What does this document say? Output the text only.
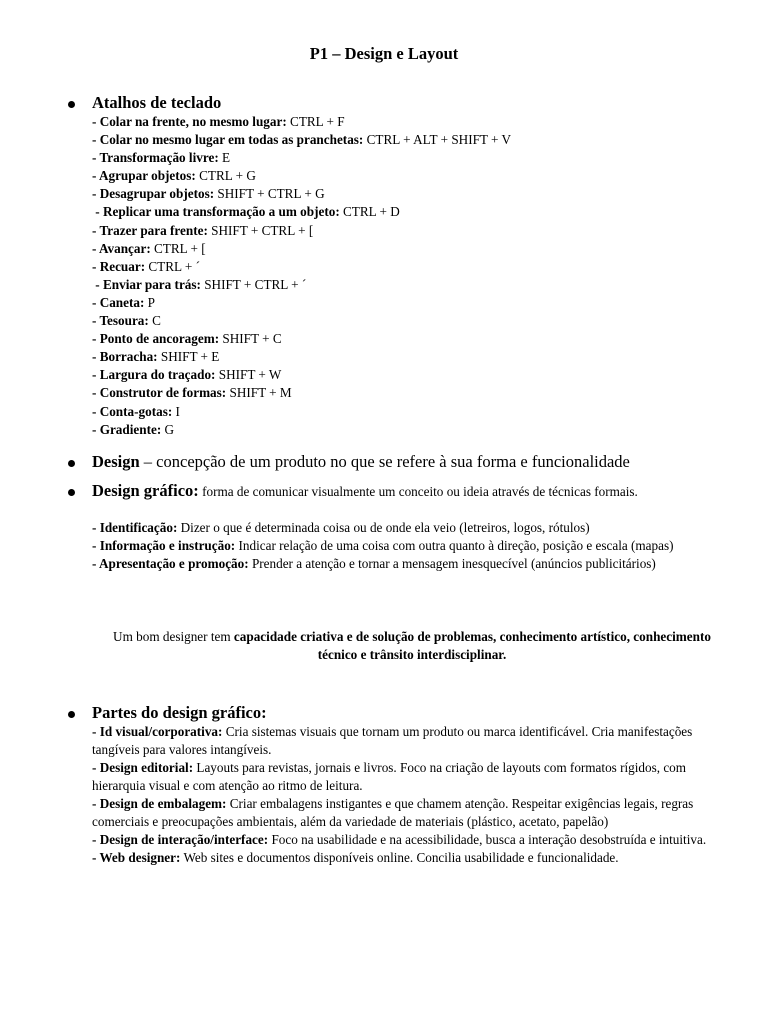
P1 – Design e Layout
Atalhos de teclado
- Colar na frente, no mesmo lugar: CTRL + F
- Colar no mesmo lugar em todas as pranchetas: CTRL + ALT + SHIFT + V
- Transformação livre: E
- Agrupar objetos: CTRL + G
- Desagrupar objetos: SHIFT + CTRL + G
- Replicar uma transformação a um objeto: CTRL + D
- Trazer para frente: SHIFT + CTRL + [
- Avançar: CTRL + [
- Recuar: CTRL + ´
- Enviar para trás: SHIFT + CTRL + ´
- Caneta: P
- Tesoura: C
- Ponto de ancoragem: SHIFT + C
- Borracha: SHIFT + E
- Largura do traçado: SHIFT + W
- Construtor de formas: SHIFT + M
- Conta-gotas: I
- Gradiente: G
Design – concepção de um produto no que se refere à sua forma e funcionalidade
Design gráfico: forma de comunicar visualmente um conceito ou ideia através de técnicas formais.
- Identificação: Dizer o que é determinada coisa ou de onde ela veio (letreiros, logos, rótulos)
- Informação e instrução: Indicar relação de uma coisa com outra quanto à direção, posição e escala (mapas)
- Apresentação e promoção: Prender a atenção e tornar a mensagem inesquecível (anúncios publicitários)
Um bom designer tem capacidade criativa e de solução de problemas, conhecimento artístico, conhecimento técnico e trânsito interdisciplinar.
Partes do design gráfico:
- Id visual/corporativa: Cria sistemas visuais que tornam um produto ou marca identificável. Cria manifestações tangíveis para valores intangíveis.
- Design editorial: Layouts para revistas, jornais e livros. Foco na criação de layouts com formatos rígidos, com hierarquia visual e com atenção ao ritmo de leitura.
- Design de embalagem: Criar embalagens instigantes e que chamem atenção. Respeitar exigências legais, regras comerciais e preocupações ambientais, além da variedade de materiais (plástico, acetato, papelão)
- Design de interação/interface: Foco na usabilidade e na acessibilidade, busca a interação desobstruída e intuitiva.
- Web designer: Web sites e documentos disponíveis online. Concilia usabilidade e funcionalidade.
